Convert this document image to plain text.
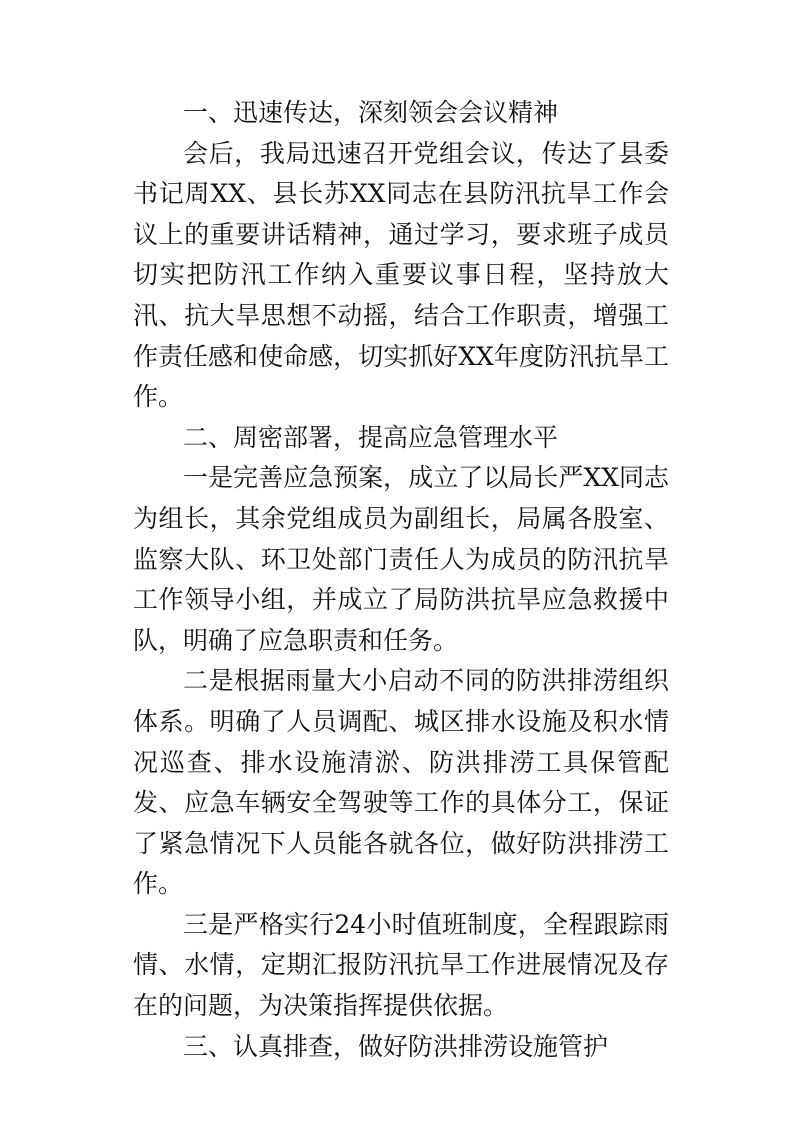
一、迅速传达，深刻领会会议精神

会后，我局迅速召开党组会议，传达了县委书记周XX、县长苏XX同志在县防汛抗旱工作会议上的重要讲话精神，通过学习，要求班子成员切实把防汛工作纳入重要议事日程，坚持放大汛、抗大旱思想不动摇，结合工作职责，增强工作责任感和使命感，切实抓好XX年度防汛抗旱工作。

二、周密部署，提高应急管理水平

一是完善应急预案，成立了以局长严XX同志为组长，其余党组成员为副组长，局属各股室、监察大队、环卫处部门责任人为成员的防汛抗旱工作领导小组，并成立了局防洪抗旱应急救援中队，明确了应急职责和任务。

二是根据雨量大小启动不同的防洪排涝组织体系。明确了人员调配、城区排水设施及积水情况巡查、排水设施清淤、防洪排涝工具保管配发、应急车辆安全驾驶等工作的具体分工，保证了紧急情况下人员能各就各位，做好防洪排涝工作。

三是严格实行24小时值班制度，全程跟踪雨情、水情，定期汇报防汛抗旱工作进展情况及存在的问题，为决策指挥提供依据。

三、认真排查，做好防洪排涝设施管护
